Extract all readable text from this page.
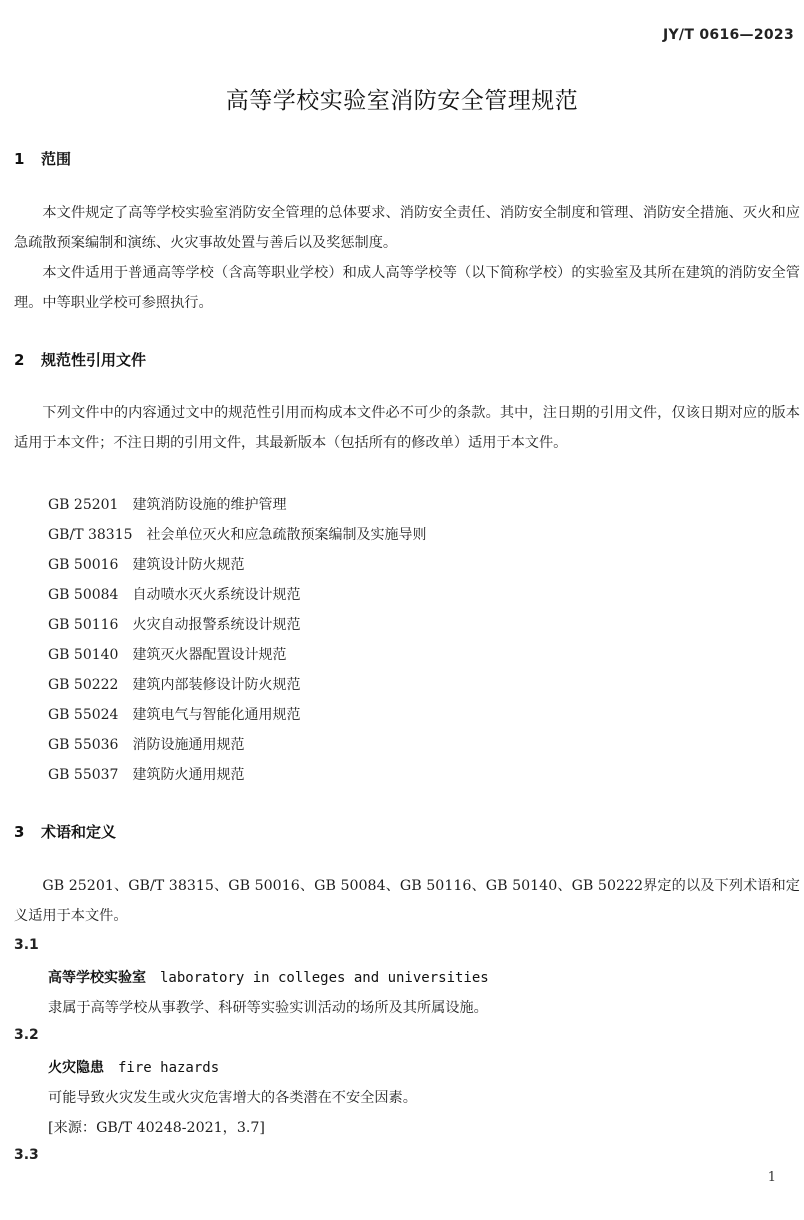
JY/T 0616—2023
高等学校实验室消防安全管理规范
1 范围
本文件规定了高等学校实验室消防安全管理的总体要求、消防安全责任、消防安全制度和管理、消防安全措施、灭火和应急疏散预案编制和演练、火灾事故处置与善后以及奖惩制度。
本文件适用于普通高等学校（含高等职业学校）和成人高等学校等（以下简称学校）的实验室及其所在建筑的消防安全管理。中等职业学校可参照执行。
2 规范性引用文件
下列文件中的内容通过文中的规范性引用而构成本文件必不可少的条款。其中，注日期的引用文件，仅该日期对应的版本适用于本文件；不注日期的引用文件，其最新版本（包括所有的修改单）适用于本文件。
GB 25201 建筑消防设施的维护管理
GB/T 38315 社会单位灭火和应急疏散预案编制及实施导则
GB 50016 建筑设计防火规范
GB 50084 自动喷水灭火系统设计规范
GB 50116 火灾自动报警系统设计规范
GB 50140 建筑灭火器配置设计规范
GB 50222 建筑内部装修设计防火规范
GB 55024 建筑电气与智能化通用规范
GB 55036 消防设施通用规范
GB 55037 建筑防火通用规范
3 术语和定义
GB 25201、GB/T 38315、GB 50016、GB 50084、GB 50116、GB 50140、GB 50222界定的以及下列术语和定义适用于本文件。
3.1
高等学校实验室 laboratory in colleges and universities
隶属于高等学校从事教学、科研等实验实训活动的场所及其所属设施。
3.2
火灾隐患 fire hazards
可能导致火灾发生或火灾危害增大的各类潜在不安全因素。
[来源：GB/T 40248-2021，3.7]
3.3
1
